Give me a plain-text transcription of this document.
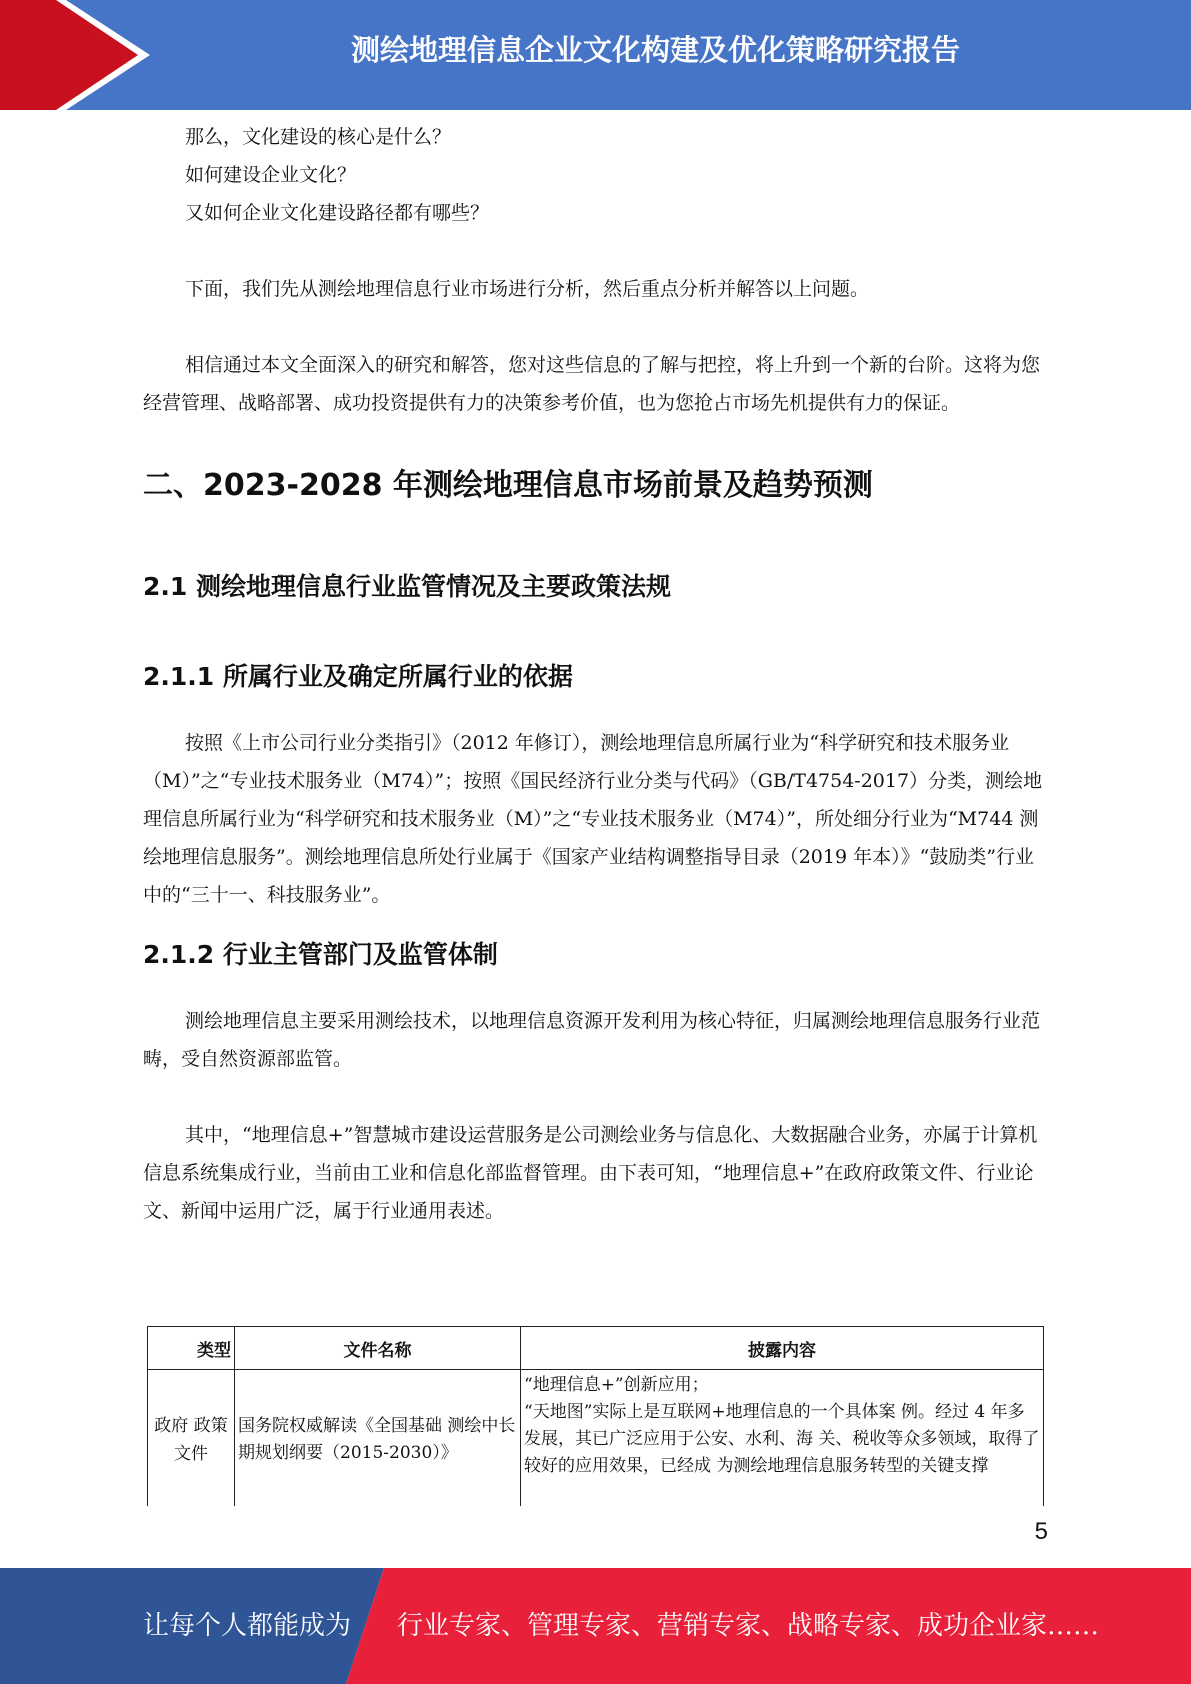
测绘地理信息企业文化构建及优化策略研究报告

那么，文化建设的核心是什么？

如何建设企业文化？

又如何企业文化建设路径都有哪些？

下面，我们先从测绘地理信息行业市场进行分析，然后重点分析并解答以上问题。

相信通过本文全面深入的研究和解答，您对这些信息的了解与把控，将上升到一个新的台阶。这将为您经营管理、战略部署、成功投资提供有力的决策参考价值，也为您抢占市场先机提供有力的保证。

二、2023-2028 年测绘地理信息市场前景及趋势预测
2.1 测绘地理信息行业监管情况及主要政策法规
2.1.1 所属行业及确定所属行业的依据

按照《上市公司行业分类指引》（2012 年修订），测绘地理信息所属行业为“科学研究和技术服务业（M）”之“专业技术服务业（M74）”；按照《国民经济行业分类与代码》（GB/T4754-2017）分类，测绘地理信息所属行业为“科学研究和技术服务业（M）”之“专业技术服务业（M74）”，所处细分行业为“M744 测绘地理信息服务”。测绘地理信息所处行业属于《国家产业结构调整指导目录（2019 年本）》“鼓励类”行业中的“三十一、科技服务业”。

2.1.2 行业主管部门及监管体制

测绘地理信息主要采用测绘技术，以地理信息资源开发利用为核心特征，归属测绘地理信息服务行业范畴，受自然资源部监管。

其中，“地理信息+”智慧城市建设运营服务是公司测绘业务与信息化、大数据融合业务，亦属于计算机信息系统集成行业，当前由工业和信息化部监督管理。由下表可知，“地理信息+”在政府政策文件、行业论文、新闻中运用广泛，属于行业通用表述。

类型	文件名称	披露内容
政府 政策 文件	国务院权威解读《全国基础 测绘中长期规划纲要（2015-2030）》	“地理信息+”创新应用；
“天地图”实际上是互联网+地理信息的一个具体案 例。经过 4 年多发展，其已广泛应用于公安、水利、海 关、税收等众多领域，取得了较好的应用效果，已经成 为测绘地理信息服务转型的关键支撑
5
让每个人都能成为 行业专家、管理专家、营销专家、战略专家、成功企业家……
